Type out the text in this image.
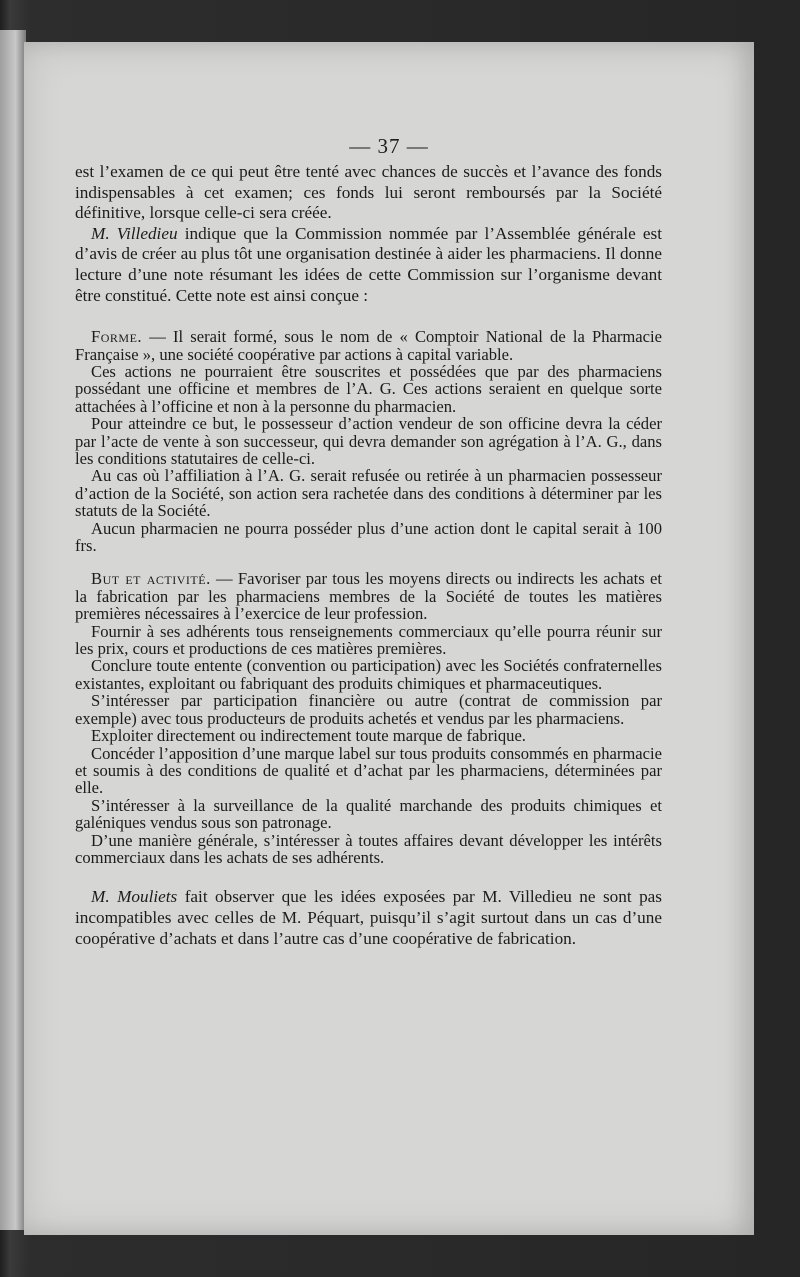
— 37 —

est l’examen de ce qui peut être tenté avec chances de succès et l’avance des fonds indispensables à cet examen; ces fonds lui seront remboursés par la Société définitive, lorsque celle-ci sera créée.

M. Villedieu indique que la Commission nommée par l’Assemblée générale est d’avis de créer au plus tôt une organisation destinée à aider les pharmaciens. Il donne lecture d’une note résumant les idées de cette Commission sur l’organisme devant être constitué. Cette note est ainsi conçue :

Forme. — Il serait formé, sous le nom de « Comptoir National de la Pharmacie Française », une société coopérative par actions à capital variable.

Ces actions ne pourraient être souscrites et possédées que par des pharmaciens possédant une officine et membres de l’A. G. Ces actions seraient en quelque sorte attachées à l’officine et non à la personne du pharmacien.

Pour atteindre ce but, le possesseur d’action vendeur de son officine devra la céder par l’acte de vente à son successeur, qui devra demander son agrégation à l’A. G., dans les conditions statutaires de celle-ci.

Au cas où l’affiliation à l’A. G. serait refusée ou retirée à un pharmacien possesseur d’action de la Société, son action sera rachetée dans des conditions à déterminer par les statuts de la Société.

Aucun pharmacien ne pourra posséder plus d’une action dont le capital serait à 100 frs.

But et activité. — Favoriser par tous les moyens directs ou indirects les achats et la fabrication par les pharmaciens membres de la Société de toutes les matières premières nécessaires à l’exercice de leur profession.

Fournir à ses adhérents tous renseignements commerciaux qu’elle pourra réunir sur les prix, cours et productions de ces matières premières.

Conclure toute entente (convention ou participation) avec les Sociétés confraternelles existantes, exploitant ou fabriquant des produits chimiques et pharmaceutiques.

S’intéresser par participation financière ou autre (contrat de commission par exemple) avec tous producteurs de produits achetés et vendus par les pharmaciens.

Exploiter directement ou indirectement toute marque de fabrique.

Concéder l’apposition d’une marque label sur tous produits consommés en pharmacie et soumis à des conditions de qualité et d’achat par les pharmaciens, déterminées par elle.

S’intéresser à la surveillance de la qualité marchande des produits chimiques et galéniques vendus sous son patronage.

D’une manière générale, s’intéresser à toutes affaires devant développer les intérêts commerciaux dans les achats de ses adhérents.

M. Mouliets fait observer que les idées exposées par M. Villedieu ne sont pas incompatibles avec celles de M. Péquart, puisqu’il s’agit surtout dans un cas d’une coopérative d’achats et dans l’autre cas d’une coopérative de fabrication.
